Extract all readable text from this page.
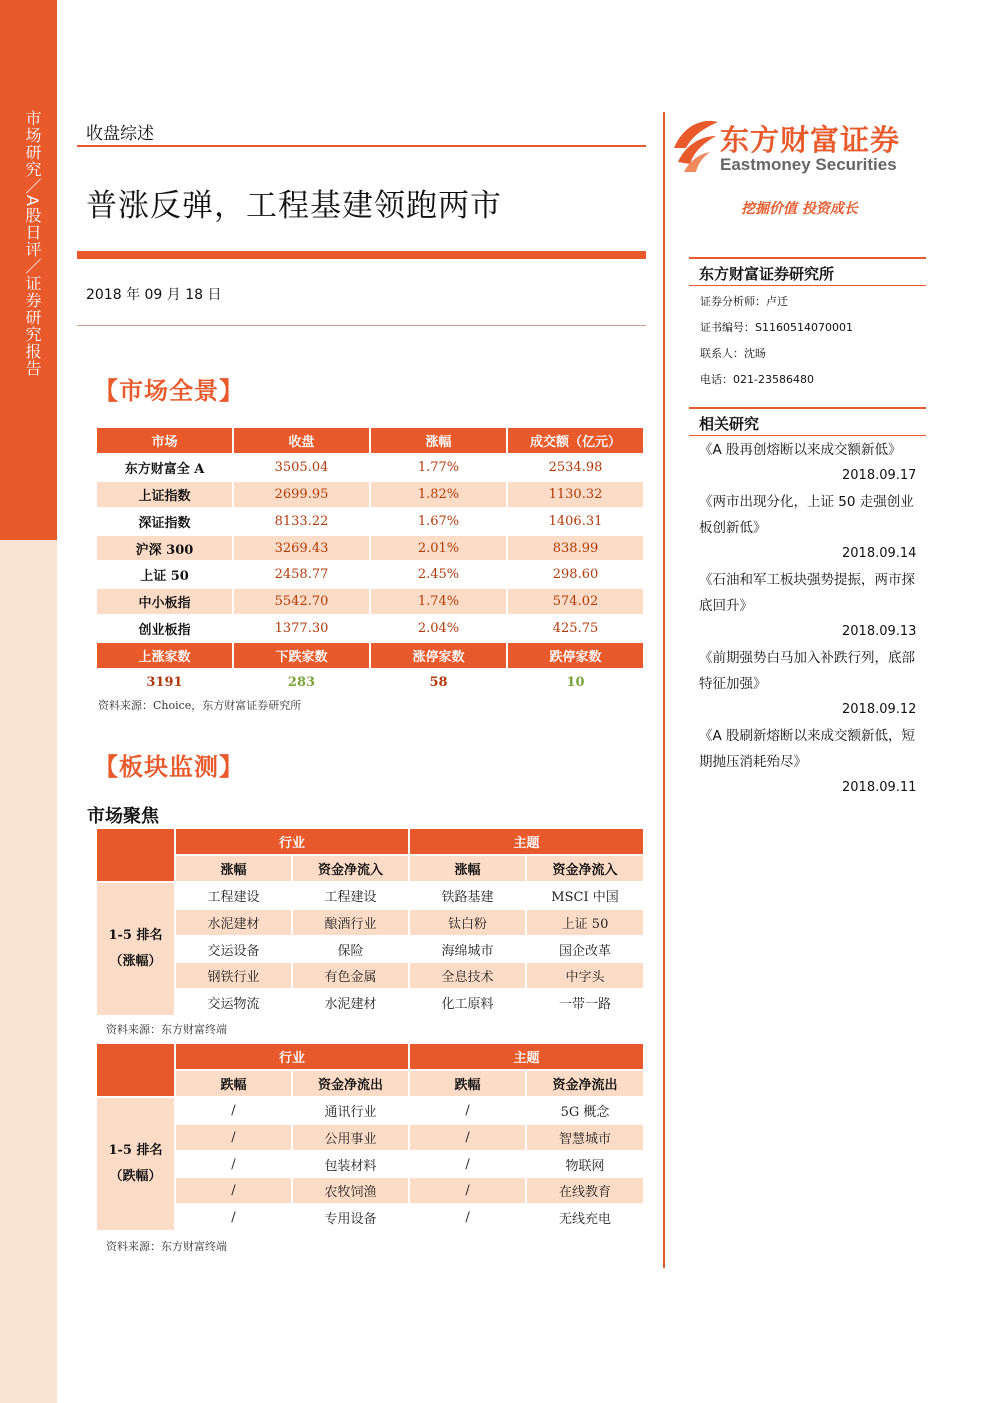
市场研究／A股日评／证券研究报告	收盘综述
普涨反弹，工程基建领跑两市
2018 年 09 月 18 日
【市场全景】
市场	收盘	涨幅	成交额（亿元）
东方财富全 A	3505.04	1.77%	2534.98
上证指数	2699.95	1.82%	1130.32
深证指数	8133.22	1.67%	1406.31
沪深 300	3269.43	2.01%	838.99
上证 50	2458.77	2.45%	298.60
中小板指	5542.70	1.74%	574.02
创业板指	1377.30	2.04%	425.75
上涨家数	下跌家数	涨停家数	跌停家数
3191	283	58	10
资料来源：Choice，东方财富证券研究所
【板块监测】
市场聚焦
	行业		主题	
	涨幅	资金净流入	涨幅	资金净流入

1-5 排名
（涨幅）	工程建设	工程建设	铁路基建	MSCI 中国
	水泥建材	酿酒行业	钛白粉	上证 50
	交运设备	保险	海绵城市	国企改革
	钢铁行业	有色金属	全息技术	中字头
	交运物流	水泥建材	化工原料	一带一路
资料来源：东方财富终端
	行业		主题	
	跌幅	资金净流出	跌幅	资金净流出

1-5 排名
（跌幅）	/	通讯行业	/	5G 概念
	/	公用事业	/	智慧城市
	/	包装材料	/	物联网
	/	农牧饲渔	/	在线教育
	/	专用设备	/	无线充电
资料来源：东方财富终端
东方财富证券
Eastmoney Securities
挖掘价值 投资成长
东方财富证券研究所
证券分析师：卢迁
证书编号：S1160514070001
联系人：沈旸
电话：021-23586480
相关研究
《A 股再创熔断以来成交额新低》
2018.09.17
《两市出现分化，上证 50 走强创业板创新低》
2018.09.14
《石油和军工板块强势提振，两市探底回升》
2018.09.13
《前期强势白马加入补跌行列，底部特征加强》
2018.09.12
《A 股刷新熔断以来成交额新低，短期抛压消耗殆尽》
2018.09.11
